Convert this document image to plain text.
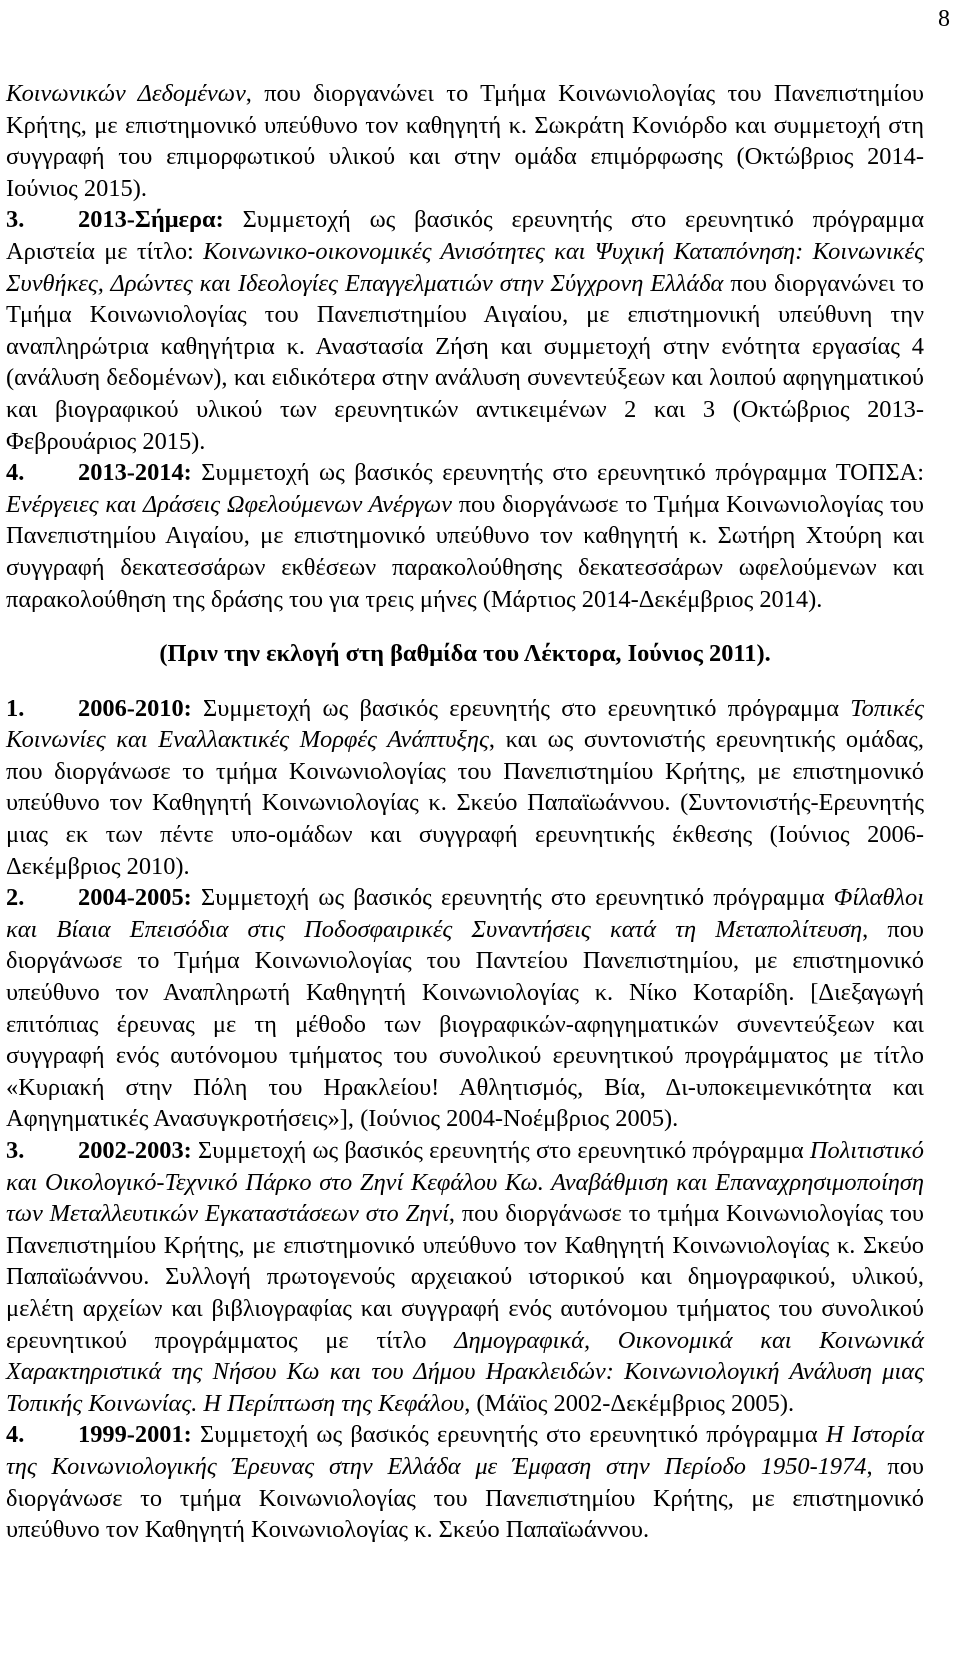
8

Κοινωνικών Δεδομένων, που διοργανώνει το Τμήμα Κοινωνιολογίας του Πανεπιστημίου Κρήτης, με επιστημονικό υπεύθυνο τον καθηγητή κ. Σωκράτη Κονιόρδο και συμμετοχή στη συγγραφή του επιμορφωτικού υλικού και στην ομάδα επιμόρφωσης (Οκτώβριος 2014-Ιούνιος 2015).

3. 2013-Σήμερα: Συμμετοχή ως βασικός ερευνητής στο ερευνητικό πρόγραμμα Αριστεία με τίτλο: Κοινωνικο-οικονομικές Ανισότητες και Ψυχική Καταπόνηση: Κοινωνικές Συνθήκες, Δρώντες και Ιδεολογίες Επαγγελματιών στην Σύγχρονη Ελλάδα που διοργανώνει το Τμήμα Κοινωνιολογίας του Πανεπιστημίου Αιγαίου, με επιστημονική υπεύθυνη την αναπληρώτρια καθηγήτρια κ. Αναστασία Ζήση και συμμετοχή στην ενότητα εργασίας 4 (ανάλυση δεδομένων), και ειδικότερα στην ανάλυση συνεντεύξεων και λοιπού αφηγηματικού και βιογραφικού υλικού των ερευνητικών αντικειμένων 2 και 3 (Οκτώβριος 2013-Φεβρουάριος 2015).

4. 2013-2014: Συμμετοχή ως βασικός ερευνητής στο ερευνητικό πρόγραμμα ΤΟΠΣΑ: Ενέργειες και Δράσεις Ωφελούμενων Ανέργων που διοργάνωσε το Τμήμα Κοινωνιολογίας του Πανεπιστημίου Αιγαίου, με επιστημονικό υπεύθυνο τον καθηγητή κ. Σωτήρη Χτούρη και συγγραφή δεκατεσσάρων εκθέσεων παρακολούθησης δεκατεσσάρων ωφελούμενων και παρακολούθηση της δράσης του για τρεις μήνες (Μάρτιος 2014-Δεκέμβριος 2014).

(Πριν την εκλογή στη βαθμίδα του Λέκτορα, Ιούνιος 2011).

1. 2006-2010: Συμμετοχή ως βασικός ερευνητής στο ερευνητικό πρόγραμμα Τοπικές Κοινωνίες και Εναλλακτικές Μορφές Ανάπτυξης, και ως συντονιστής ερευνητικής ομάδας, που διοργάνωσε το τμήμα Κοινωνιολογίας του Πανεπιστημίου Κρήτης, με επιστημονικό υπεύθυνο τον Καθηγητή Κοινωνιολογίας κ. Σκεύο Παπαϊωάννου. (Συντονιστής-Ερευνητής μιας εκ των πέντε υπο-ομάδων και συγγραφή ερευνητικής έκθεσης (Ιούνιος 2006-Δεκέμβριος 2010).

2. 2004-2005: Συμμετοχή ως βασικός ερευνητής στο ερευνητικό πρόγραμμα Φίλαθλοι και Βίαια Επεισόδια στις Ποδοσφαιρικές Συναντήσεις κατά τη Μεταπολίτευση, που διοργάνωσε το Τμήμα Κοινωνιολογίας του Παντείου Πανεπιστημίου, με επιστημονικό υπεύθυνο τον Αναπληρωτή Καθηγητή Κοινωνιολογίας κ. Νίκο Κοταρίδη. [Διεξαγωγή επιτόπιας έρευνας με τη μέθοδο των βιογραφικών-αφηγηματικών συνεντεύξεων και συγγραφή ενός αυτόνομου τμήματος του συνολικού ερευνητικού προγράμματος με τίτλο «Κυριακή στην Πόλη του Ηρακλείου! Αθλητισμός, Βία, Δι-υποκειμενικότητα και Αφηγηματικές Ανασυγκροτήσεις»], (Ιούνιος 2004-Νοέμβριος 2005).

3. 2002-2003: Συμμετοχή ως βασικός ερευνητής στο ερευνητικό πρόγραμμα Πολιτιστικό και Οικολογικό-Τεχνικό Πάρκο στο Ζηνί Κεφάλου Κω. Αναβάθμιση και Επαναχρησιμοποίηση των Μεταλλευτικών Εγκαταστάσεων στο Ζηνί, που διοργάνωσε το τμήμα Κοινωνιολογίας του Πανεπιστημίου Κρήτης, με επιστημονικό υπεύθυνο τον Καθηγητή Κοινωνιολογίας κ. Σκεύο Παπαϊωάννου. Συλλογή πρωτογενούς αρχειακού ιστορικού και δημογραφικού, υλικού, μελέτη αρχείων και βιβλιογραφίας και συγγραφή ενός αυτόνομου τμήματος του συνολικού ερευνητικού προγράμματος με τίτλο Δημογραφικά, Οικονομικά και Κοινωνικά Χαρακτηριστικά της Νήσου Κω και του Δήμου Ηρακλειδών: Κοινωνιολογική Ανάλυση μιας Τοπικής Κοινωνίας. Η Περίπτωση της Κεφάλου, (Μάϊος 2002-Δεκέμβριος 2005).

4. 1999-2001: Συμμετοχή ως βασικός ερευνητής στο ερευνητικό πρόγραμμα Η Ιστορία της Κοινωνιολογικής Έρευνας στην Ελλάδα με Έμφαση στην Περίοδο 1950-1974, που διοργάνωσε το τμήμα Κοινωνιολογίας του Πανεπιστημίου Κρήτης, με επιστημονικό υπεύθυνο τον Καθηγητή Κοινωνιολογίας κ. Σκεύο Παπαϊωάννου.
